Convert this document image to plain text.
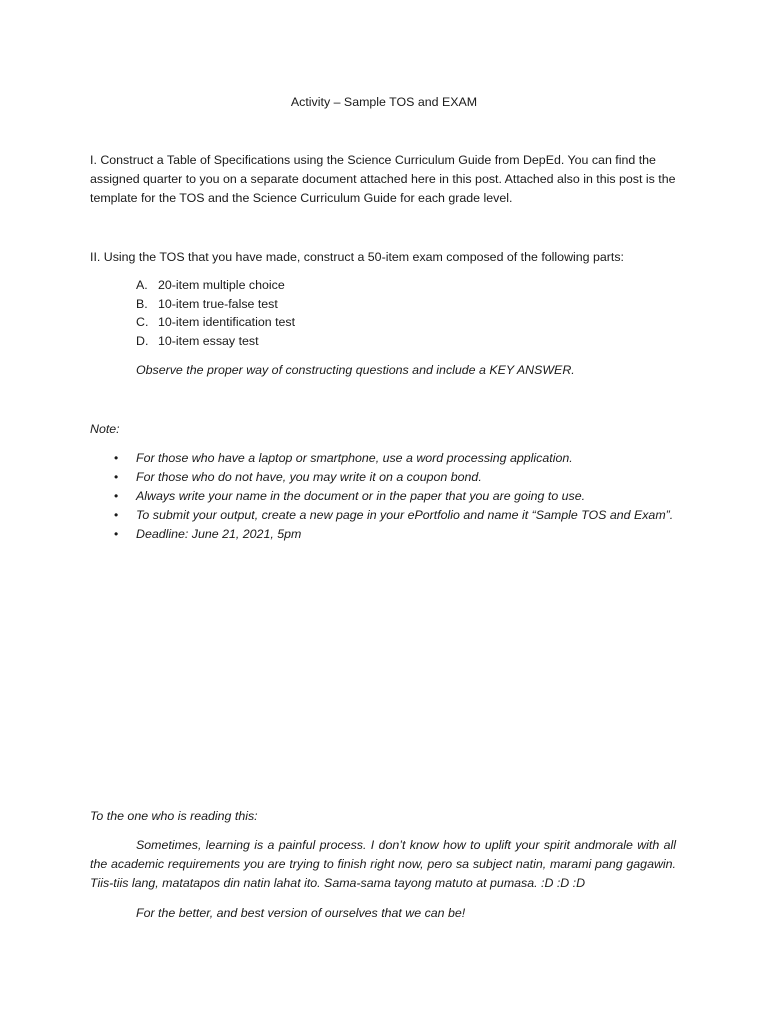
Activity – Sample TOS and EXAM

I. Construct a Table of Specifications using the Science Curriculum Guide from DepEd. You can find the assigned quarter to you on a separate document attached here in this post. Attached also in this post is the template for the TOS and the Science Curriculum Guide for each grade level.

II. Using the TOS that you have made, construct a 50-item exam composed of the following parts:

A. 20-item multiple choice
B. 10-item true-false test
C. 10-item identification test
D. 10-item essay test
Observe the proper way of constructing questions and include a KEY ANSWER.
Note:
•	For those who have a laptop or smartphone, use a word processing application.
•	For those who do not have, you may write it on a coupon bond.
•	Always write your name in the document or in the paper that you are going to use.
•	To submit your output, create a new page in your ePortfolio and name it “Sample TOS and Exam”.
•	Deadline: June 21, 2021, 5pm
To the one who is reading this:

Sometimes, learning is a painful process. I don’t know how to uplift your spirit andmorale with all the academic requirements you are trying to finish right now, pero sa subject natin, marami pang gagawin. Tiis-tiis lang, matatapos din natin lahat ito. Sama-sama tayong matuto at pumasa. :D :D :D

For the better, and best version of ourselves that we can be!
